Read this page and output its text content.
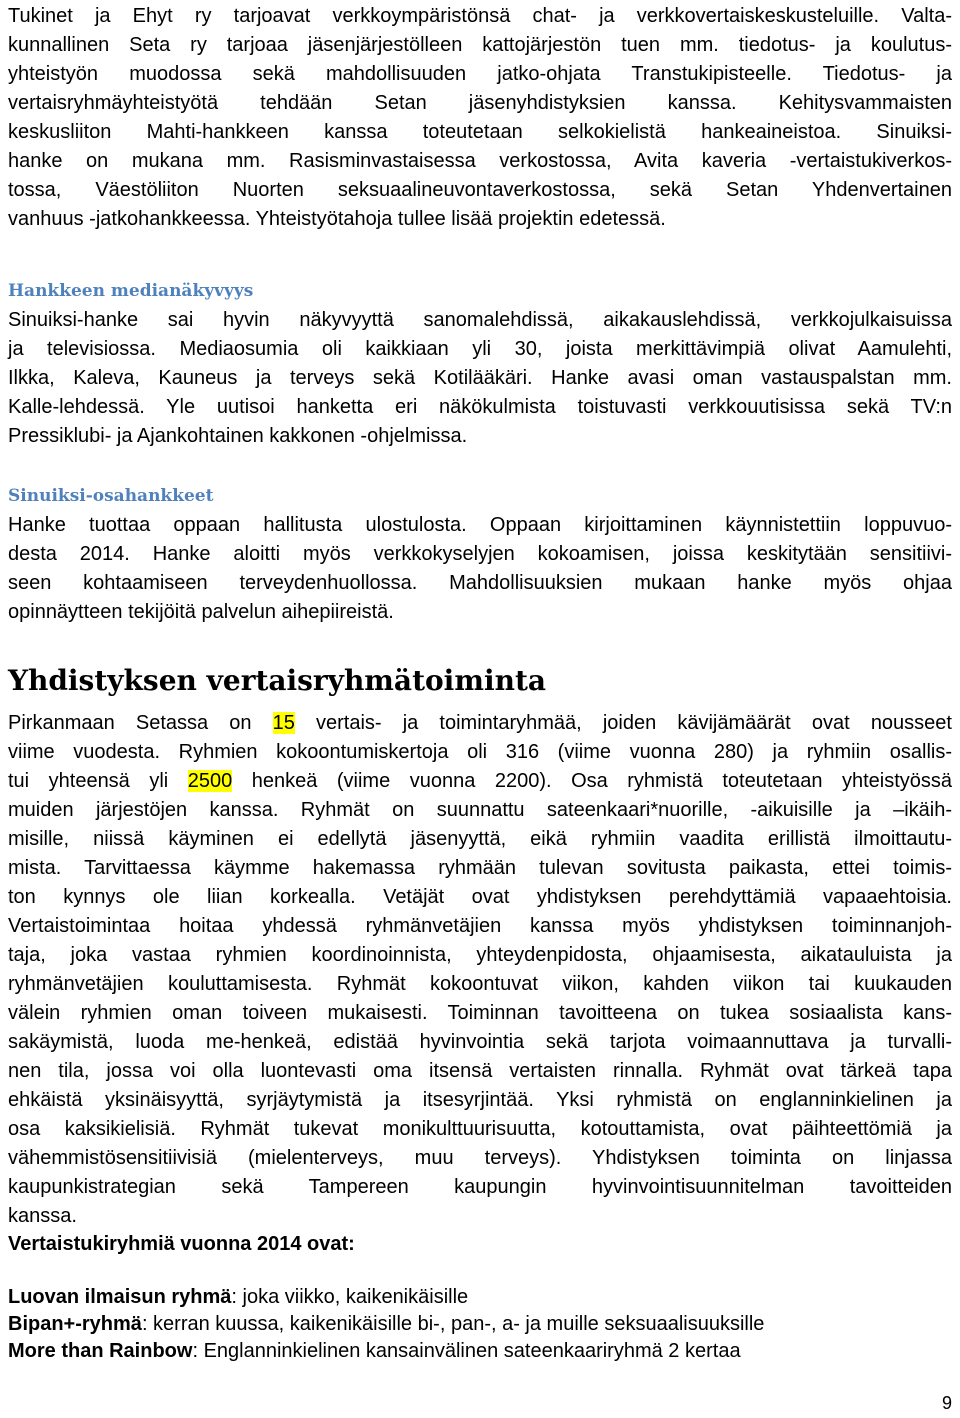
Tukinet ja Ehyt ry tarjoavat verkkoympäristönsä chat- ja verkkovertaiskeskusteluille. Valta-
kunnallinen Seta ry tarjoaa jäsenjärjestölleen kattojärjestön tuen mm. tiedotus- ja koulutus-
yhteistyön muodossa sekä mahdollisuuden jatko-ohjata Transtukipisteelle. Tiedotus- ja
vertaisryhmäyhteistyötä tehdään Setan jäsenyhdistyksien kanssa. Kehitysvammaisten
keskusliiton Mahti-hankkeen kanssa toteutetaan selkokielistä hankeaineistoa. Sinuiksi-
hanke on mukana mm. Rasisminvastaisessa verkostossa, Avita kaveria -vertaistukiverkos-
tossa, Väestöliiton Nuorten seksuaalineuvontaverkostossa, sekä Setan Yhdenvertainen
vanhuus -jatkohankkeessa. Yhteistyötahoja tullee lisää projektin edetessä.
Hankkeen medianäkyvyys
Sinuiksi-hanke sai hyvin näkyvyyttä sanomalehdissä, aikakauslehdissä, verkkojulkaisuissa
ja televisiossa. Mediaosumia oli kaikkiaan yli 30, joista merkittävimpiä olivat Aamulehti,
Ilkka, Kaleva, Kauneus ja terveys sekä Kotilääkäri. Hanke avasi oman vastauspalstan mm.
Kalle-lehdessä. Yle uutisoi hanketta eri näkökulmista toistuvasti verkkouutisissa sekä TV:n
Pressiklubi- ja Ajankohtainen kakkonen -ohjelmissa.
Sinuiksi-osahankkeet
Hanke tuottaa oppaan hallitusta ulostulosta. Oppaan kirjoittaminen käynnistettiin loppuvuo-
desta 2014. Hanke aloitti myös verkkokyselyjen kokoamisen, joissa keskitytään sensitiivi-
seen kohtaamiseen terveydenhuollossa. Mahdollisuuksien mukaan hanke myös ohjaa
opinnäytteen tekijöitä palvelun aihepiireistä.
Yhdistyksen vertaisryhmätoiminta
Pirkanmaan Setassa on 15 vertais- ja toimintaryhmää, joiden kävijämäärät ovat nousseet
viime vuodesta. Ryhmien kokoontumiskertoja oli 316 (viime vuonna 280) ja ryhmiin osallis-
tui yhteensä yli 2500 henkeä (viime vuonna 2200). Osa ryhmistä toteutetaan yhteistyössä
muiden järjestöjen kanssa. Ryhmät on suunnattu sateenkaari*nuorille, -aikuisille ja –ikäih-
misille, niissä käyminen ei edellytä jäsenyyttä, eikä ryhmiin vaadita erillistä ilmoittautu-
mista. Tarvittaessa käymme hakemassa ryhmään tulevan sovitusta paikasta, ettei toimis-
ton kynnys ole liian korkealla. Vetäjät ovat yhdistyksen perehdyttämiä vapaaehtoisia.
Vertaistoimintaa hoitaa yhdessä ryhmänvetäjien kanssa myös yhdistyksen toiminnanjoh-
taja, joka vastaa ryhmien koordinoinnista, yhteydenpidosta, ohjaamisesta, aikatauluista ja
ryhmänvetäjien kouluttamisesta. Ryhmät kokoontuvat viikon, kahden viikon tai kuukauden
välein ryhmien oman toiveen mukaisesti. Toiminnan tavoitteena on tukea sosiaalista kans-
sakäymistä, luoda me-henkeä, edistää hyvinvointia sekä tarjota voimaannuttava ja turvalli-
nen tila, jossa voi olla luontevasti oma itsensä vertaisten rinnalla. Ryhmät ovat tärkeä tapa
ehkäistä yksinäisyyttä, syrjäytymistä ja itsesyrjintää. Yksi ryhmistä on englanninkielinen ja
osa kaksikielisiä. Ryhmät tukevat monikulttuurisuutta, kotouttamista, ovat päihteettömiä ja
vähemmistösensitiivisiä (mielenterveys, muu terveys). Yhdistyksen toiminta on linjassa
kaupunkistrategian sekä Tampereen kaupungin hyvinvointisuunnitelman tavoitteiden
kanssa.

Vertaistukiryhmiä vuonna 2014 ovat:

Luovan ilmaisun ryhmä: joka viikko, kaikenikäisille

Bipan+-ryhmä: kerran kuussa, kaikenikäisille bi-, pan-, a- ja muille seksuaalisuuksille

More than Rainbow: Englanninkielinen kansainvälinen sateenkaariryhmä 2 kertaa

9
